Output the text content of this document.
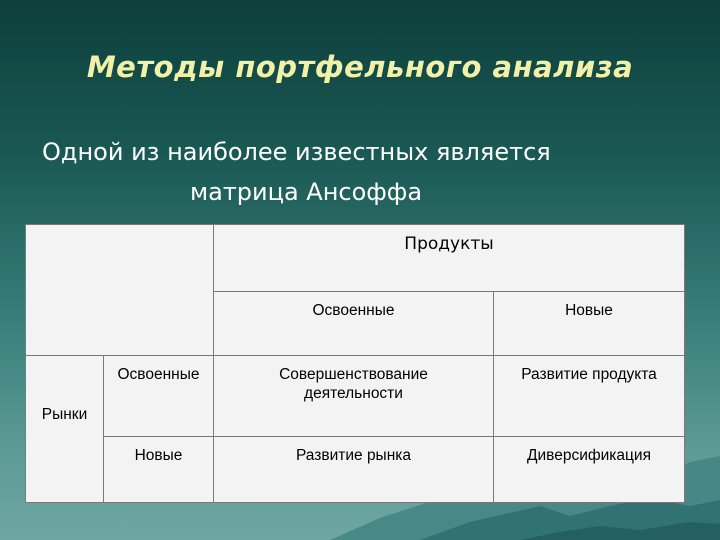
Методы портфельного анализа
Одной из наиболее известных является
матрица Ансоффа
Продукты
Освоенные	Новые
Рынки
Освоенные
Новые
Совершенствование деятельности
Развитие продукта
Развитие рынка	Диверсификация
